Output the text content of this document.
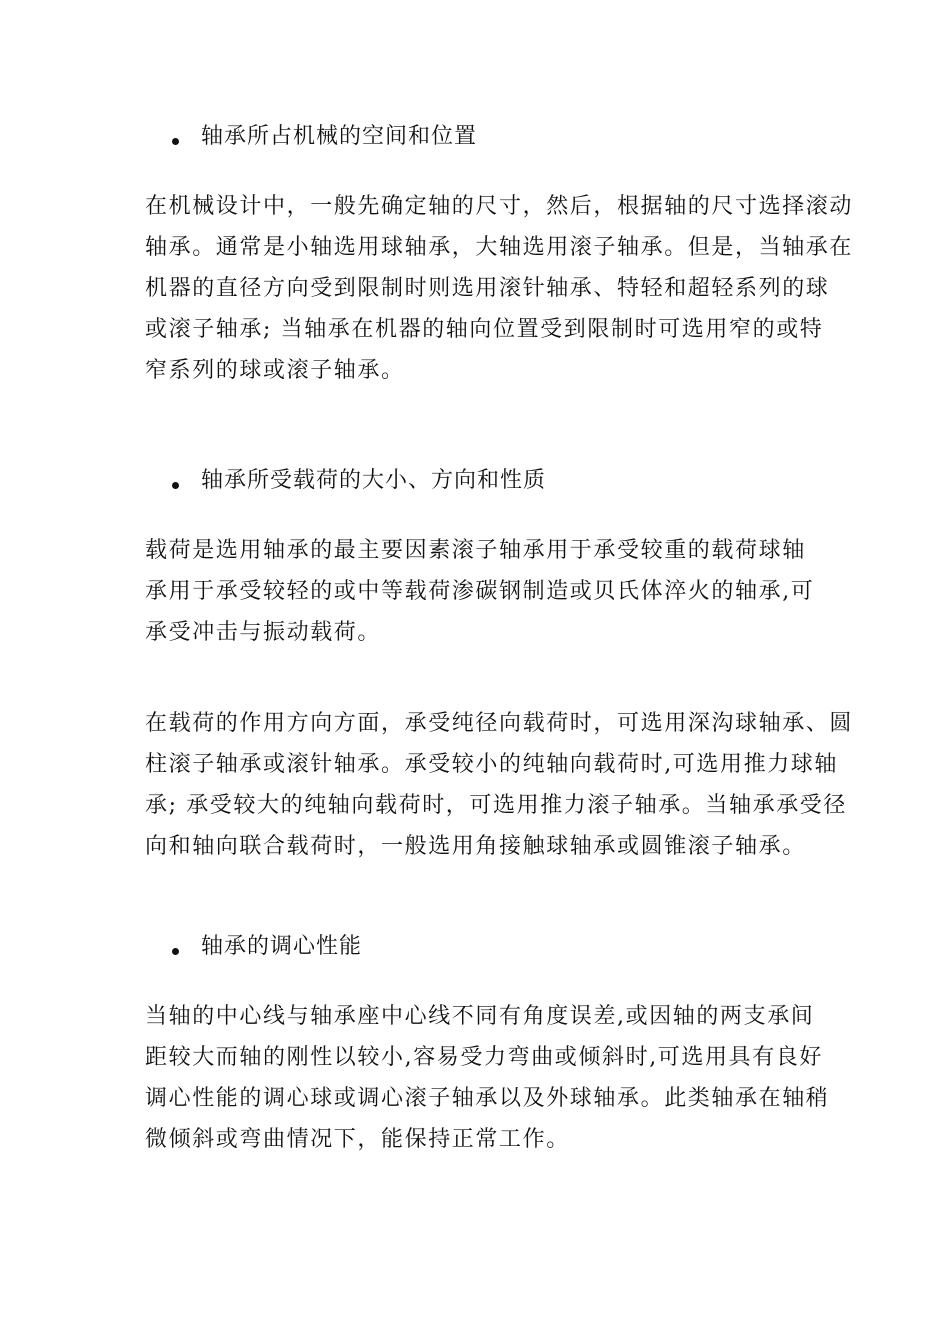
轴承所占机械的空间和位置

在机械设计中，一般先确定轴的尺寸，然后，根据轴的尺寸选择滚动
轴承。通常是小轴选用球轴承，大轴选用滚子轴承。但是，当轴承在
机器的直径方向受到限制时则选用滚针轴承、特轻和超轻系列的球
或滚子轴承; 当轴承在机器的轴向位置受到限制时可选用窄的或特
窄系列的球或滚子轴承。

轴承所受载荷的大小、方向和性质

载荷是选用轴承的最主要因素滚子轴承用于承受较重的载荷球轴
承用于承受较轻的或中等载荷渗碳钢制造或贝氏体淬火的轴承,可
承受冲击与振动载荷。

在载荷的作用方向方面，承受纯径向载荷时，可选用深沟球轴承、圆
柱滚子轴承或滚针轴承。承受较小的纯轴向载荷时,可选用推力球轴
承; 承受较大的纯轴向载荷时，可选用推力滚子轴承。当轴承承受径
向和轴向联合载荷时，一般选用角接触球轴承或圆锥滚子轴承。

轴承的调心性能

当轴的中心线与轴承座中心线不同有角度误差,或因轴的两支承间
距较大而轴的刚性以较小,容易受力弯曲或倾斜时,可选用具有良好
调心性能的调心球或调心滚子轴承以及外球轴承。此类轴承在轴稍
微倾斜或弯曲情况下，能保持正常工作。
